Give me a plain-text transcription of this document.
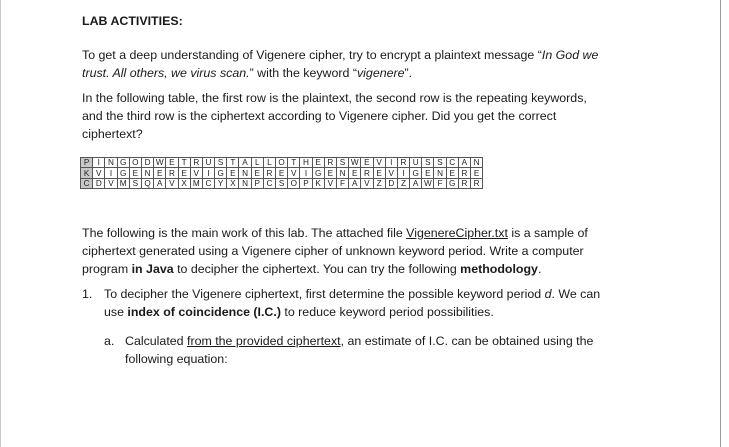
LAB ACTIVITIES:

To get a deep understanding of Vigenere cipher, try to encrypt a plaintext message “In God we
trust. All others, we virus scan.” with the keyword “vigenere”.

In the following table, the first row is the plaintext, the second row is the repeating keywords,
and the third row is the ciphertext according to Vigenere cipher. Did you get the correct
ciphertext?

P	I	N	G	O	D	W	E	T	R	U	S	T	A	L	L	O	T	H	E	R	S	W	E	V	I	R	U	S	S	C	A	N
K	V	I	G	E	N	E	R	E	V	I	G	E	N	E	R	E	V	I	G	E	N	E	R	E	V	I	G	E	N	E	R	E
C	D	V	M	S	Q	A	V	X	M	C	Y	X	N	P	C	S	O	P	K	V	F	A	V	Z	D	Z	A	W	F	G	R	R

The following is the main work of this lab. The attached file VigenereCipher.txt is a sample of
ciphertext generated using a Vigenere cipher of unknown keyword period. Write a computer
program in Java to decipher the ciphertext. You can try the following methodology.

1. To decipher the Vigenere ciphertext, first determine the possible keyword period d. We can
use index of coincidence (I.C.) to reduce keyword period possibilities.

a. Calculated from the provided ciphertext, an estimate of I.C. can be obtained using the
following equation:
